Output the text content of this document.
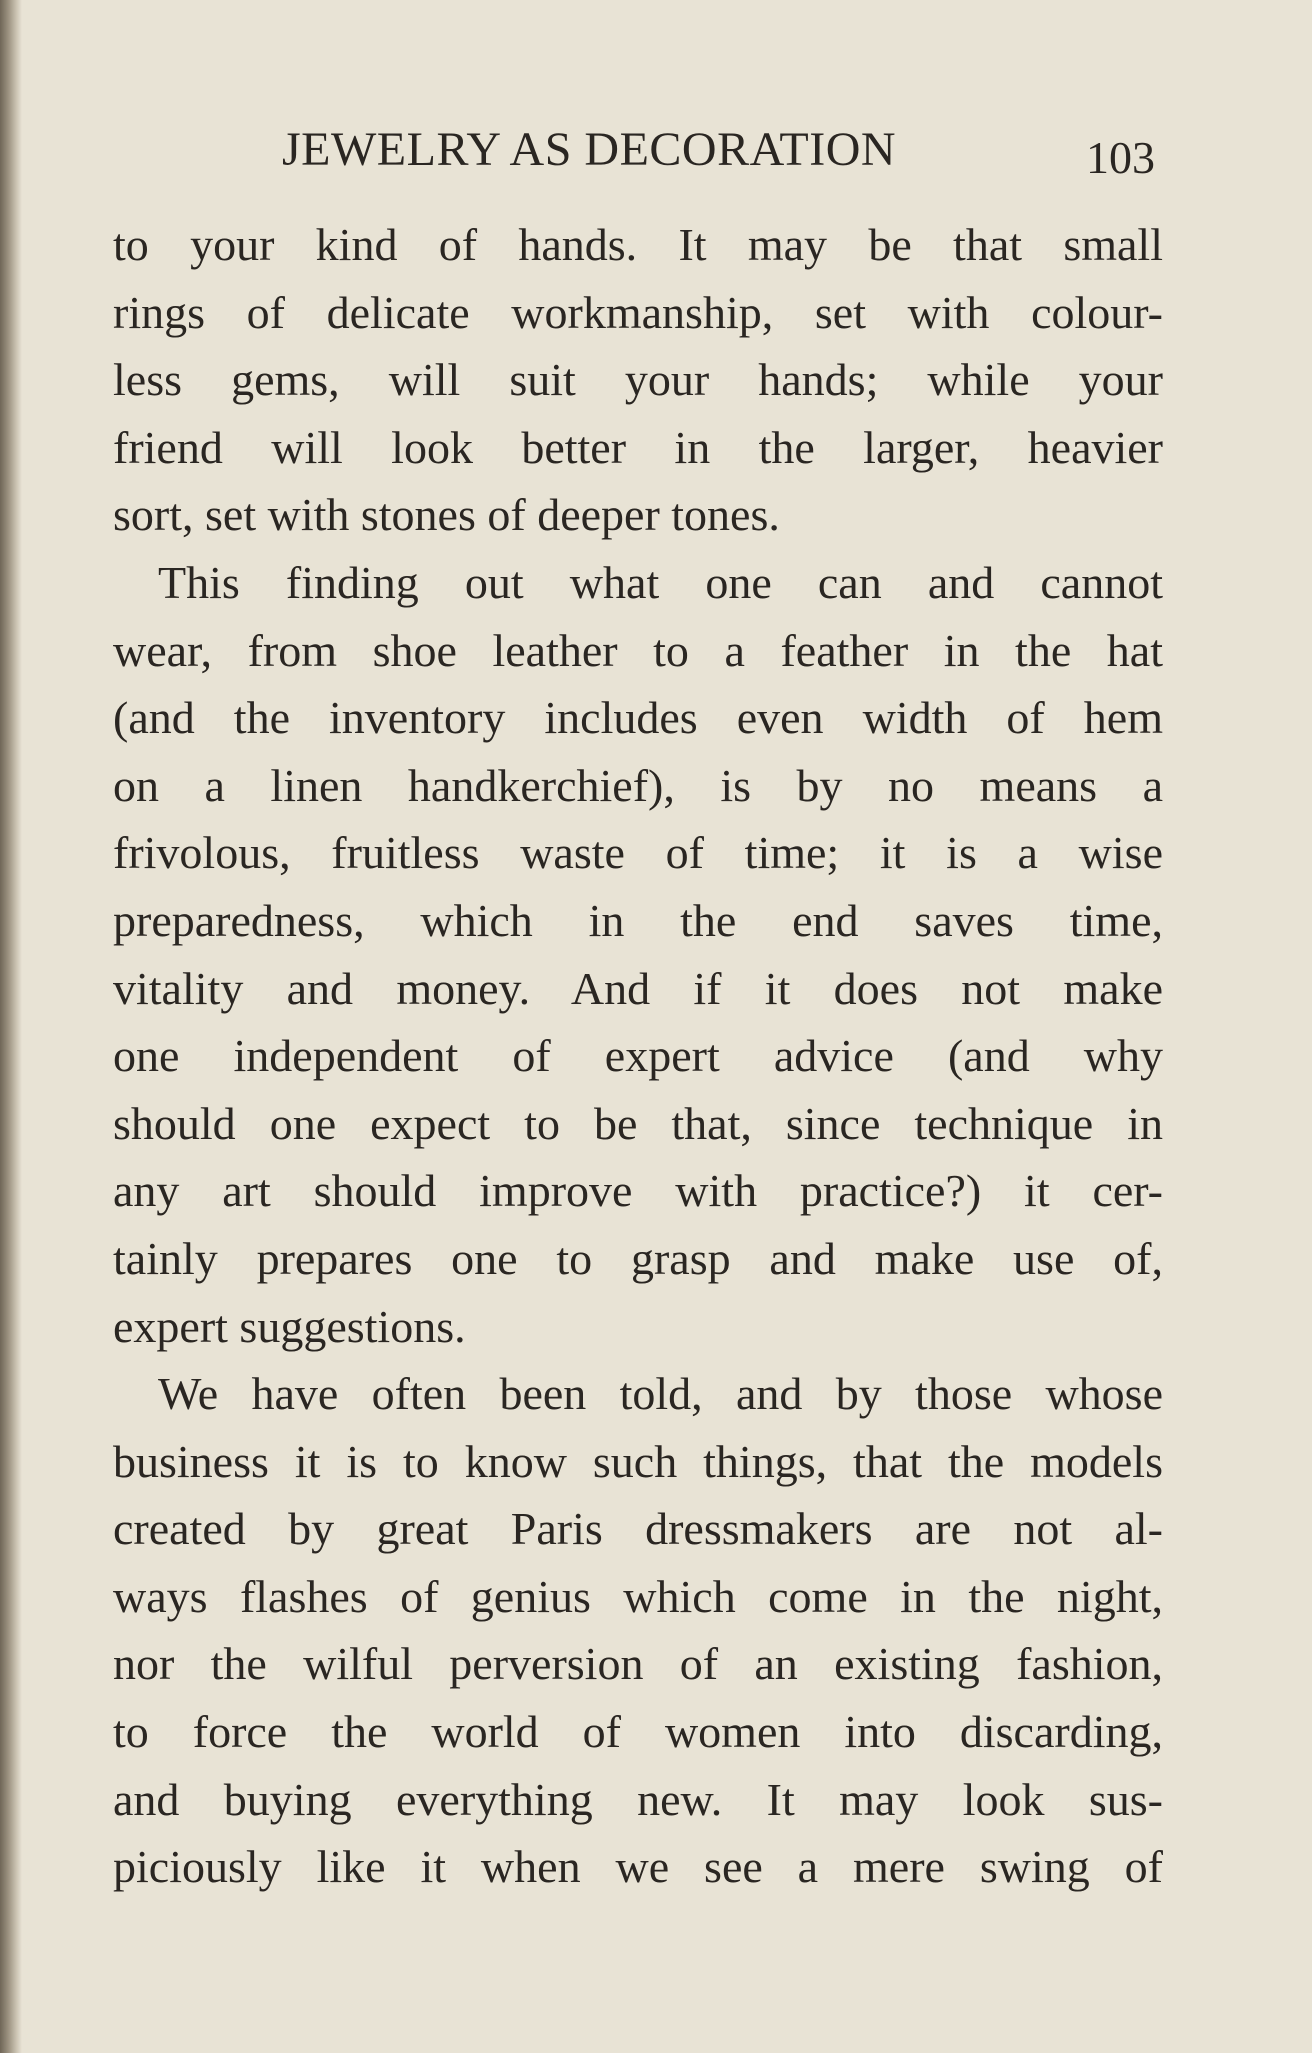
JEWELRY AS DECORATION	103
to your kind of hands. It may be that small
rings of delicate workmanship, set with colour-
less gems, will suit your hands; while your
friend will look better in the larger, heavier
sort, set with stones of deeper tones.
This finding out what one can and cannot
wear, from shoe leather to a feather in the hat
(and the inventory includes even width of hem
on a linen handkerchief), is by no means a
frivolous, fruitless waste of time; it is a wise
preparedness, which in the end saves time,
vitality and money. And if it does not make
one independent of expert advice (and why
should one expect to be that, since technique in
any art should improve with practice?) it cer-
tainly prepares one to grasp and make use of,
expert suggestions.
We have often been told, and by those whose
business it is to know such things, that the models
created by great Paris dressmakers are not al-
ways flashes of genius which come in the night,
nor the wilful perversion of an existing fashion,
to force the world of women into discarding,
and buying everything new. It may look sus-
piciously like it when we see a mere swing of
